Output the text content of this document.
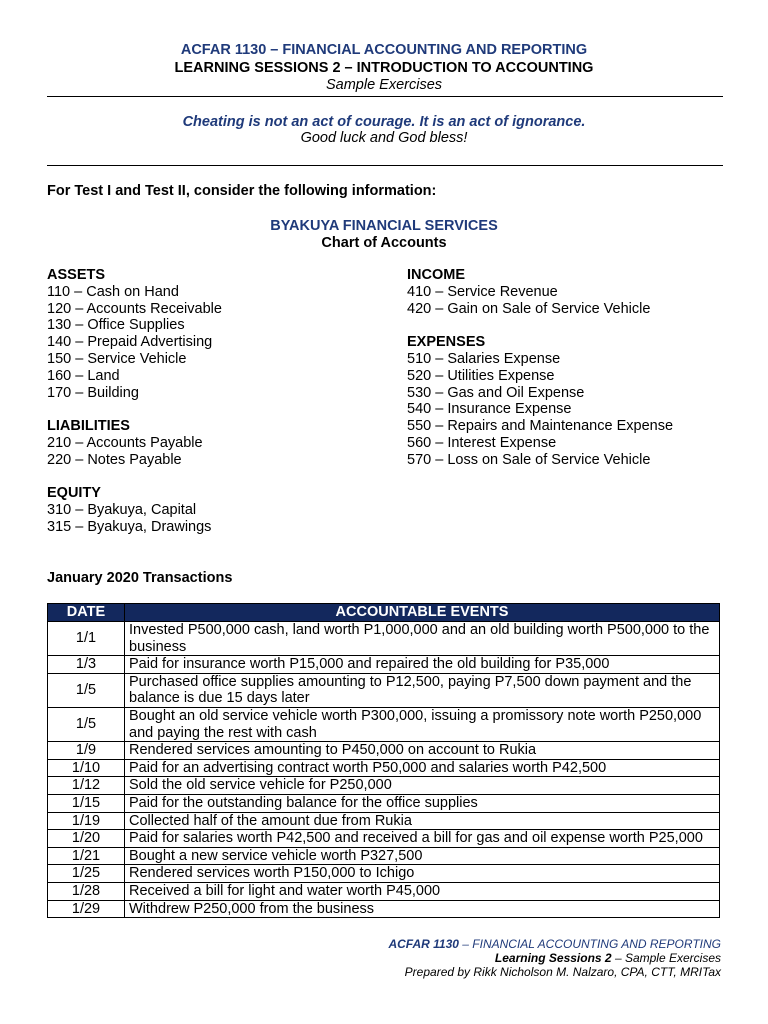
ACFAR 1130 – FINANCIAL ACCOUNTING AND REPORTING
LEARNING SESSIONS 2 – INTRODUCTION TO ACCOUNTING
Sample Exercises
Cheating is not an act of courage. It is an act of ignorance.
Good luck and God bless!
For Test I and Test II, consider the following information:
BYAKUYA FINANCIAL SERVICES
Chart of Accounts
ASSETS
110 – Cash on Hand
120 – Accounts Receivable
130 – Office Supplies
140 – Prepaid Advertising
150 – Service Vehicle
160 – Land
170 – Building
LIABILITIES
210 – Accounts Payable
220 – Notes Payable
EQUITY
310 – Byakuya, Capital
315 – Byakuya, Drawings
INCOME
410 – Service Revenue
420 – Gain on Sale of Service Vehicle
EXPENSES
510 – Salaries Expense
520 – Utilities Expense
530 – Gas and Oil Expense
540 – Insurance Expense
550 – Repairs and Maintenance Expense
560 – Interest Expense
570 – Loss on Sale of Service Vehicle
January 2020 Transactions
DATE	ACCOUNTABLE EVENTS
1/1	Invested P500,000 cash, land worth P1,000,000 and an old building worth P500,000 to the business
1/3	Paid for insurance worth P15,000 and repaired the old building for P35,000
1/5	Purchased office supplies amounting to P12,500, paying P7,500 down payment and the balance is due 15 days later
1/5	Bought an old service vehicle worth P300,000, issuing a promissory note worth P250,000 and paying the rest with cash
1/9	Rendered services amounting to P450,000 on account to Rukia
1/10	Paid for an advertising contract worth P50,000 and salaries worth P42,500
1/12	Sold the old service vehicle for P250,000
1/15	Paid for the outstanding balance for the office supplies
1/19	Collected half of the amount due from Rukia
1/20	Paid for salaries worth P42,500 and received a bill for gas and oil expense worth P25,000
1/21	Bought a new service vehicle worth P327,500
1/25	Rendered services worth P150,000 to Ichigo
1/28	Received a bill for light and water worth P45,000
1/29	Withdrew P250,000 from the business
ACFAR 1130 – FINANCIAL ACCOUNTING AND REPORTING
Learning Sessions 2 – Sample Exercises
Prepared by Rikk Nicholson M. Nalzaro, CPA, CTT, MRITax
